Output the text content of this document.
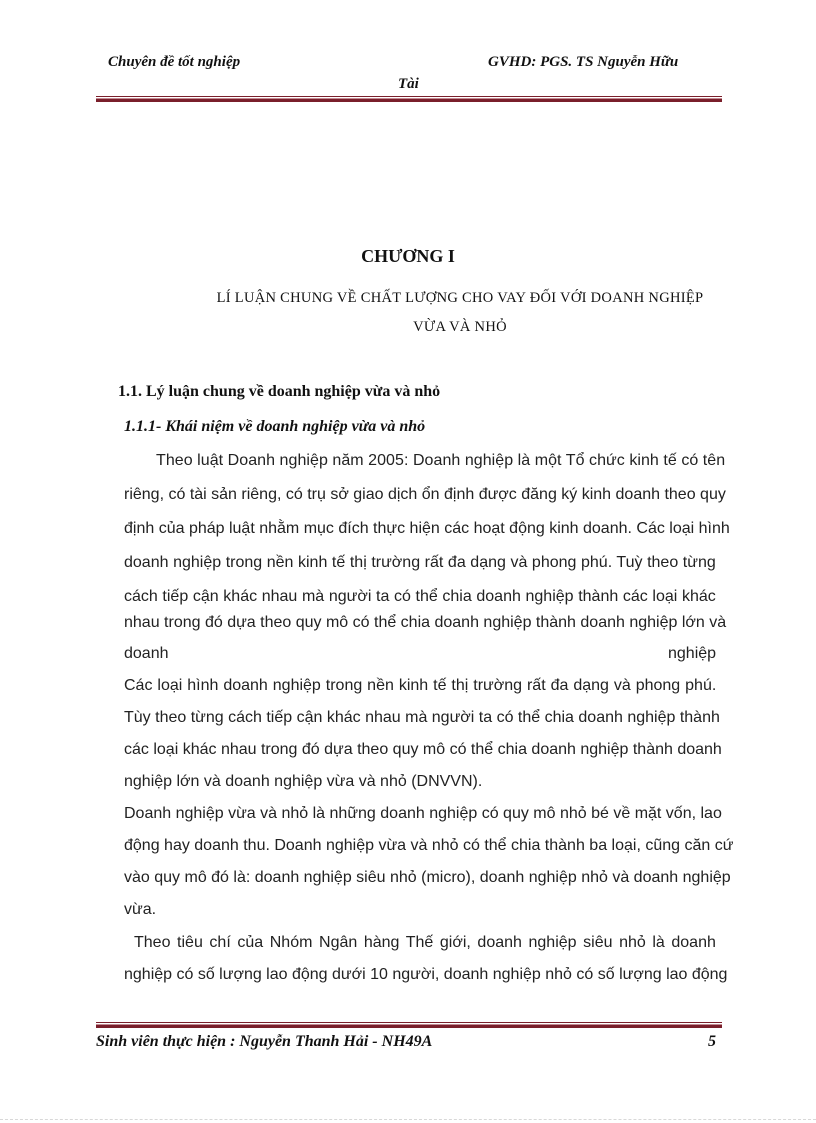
Chuyên đề tốt nghiệp	GVHD: PGS. TS Nguyễn Hữu
Tài
CHƯƠNG I
LÍ LUẬN CHUNG VỀ CHẤT LƯỢNG CHO VAY ĐỐI VỚI DOANH NGHIỆP
VỪA VÀ NHỎ
1.1. Lý luận chung về doanh nghiệp vừa và nhỏ
1.1.1- Khái niệm về doanh nghiệp vừa và nhỏ
Theo luật Doanh nghiệp năm 2005: Doanh nghiệp là một Tổ chức kinh tế có tên
riêng, có tài sản riêng, có trụ sở giao dịch ổn định được đăng ký kinh doanh theo quy
định của pháp luật nhằm mục đích thực hiện các hoạt động kinh doanh. Các loại hình
doanh nghiệp trong nền kinh tế thị trường rất đa dạng và phong phú. Tuỳ theo từng
cách tiếp cận khác nhau mà người ta có thể chia doanh nghiệp thành các loại khác
nhau trong đó dựa theo quy mô có thể chia doanh nghiệp thành doanh nghiệp lớn và
doanh	nghiệp
Các loại hình doanh nghiệp trong nền kinh tế thị trường rất đa dạng và phong phú.
Tùy theo từng cách tiếp cận khác nhau mà người ta có thể chia doanh nghiệp thành
các loại khác nhau trong đó dựa theo quy mô có thể chia doanh nghiệp thành doanh
nghiệp lớn và doanh nghiệp vừa và nhỏ (DNVVN).
Doanh nghiệp vừa và nhỏ là những doanh nghiệp có quy mô nhỏ bé về mặt vốn, lao
động hay doanh thu. Doanh nghiệp vừa và nhỏ có thể chia thành ba loại, cũng căn cứ
vào quy mô đó là: doanh nghiệp siêu nhỏ (micro), doanh nghiệp nhỏ và doanh nghiệp
vừa.
Theo tiêu chí của Nhóm Ngân hàng Thế giới, doanh nghiệp siêu nhỏ là doanh
nghiệp có số lượng lao động dưới 10 người, doanh nghiệp nhỏ có số lượng lao động
Sinh viên thực hiện : Nguyễn Thanh Hải - NH49A	5
